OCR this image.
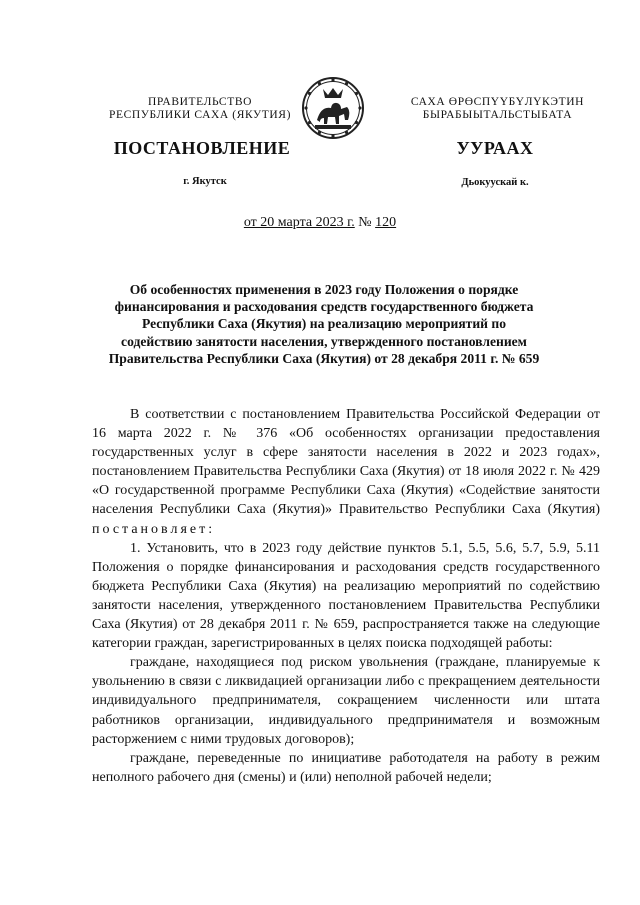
ПРАВИТЕЛЬСТВО
РЕСПУБЛИКИ САХА (ЯКУТИЯ)
САХА ӨРӨСПҮҮБҮЛҮКЭТИН
БЫРАБЫЫТАЛЬСТЫБАТА
ПОСТАНОВЛЕНИЕ	УУРААХ
г. Якутск	Дьокуускай к.
от 20 марта 2023 г. № 120
Об особенностях применения в 2023 году Положения о порядке финансирования и расходования средств государственного бюджета Республики Саха (Якутия) на реализацию мероприятий по содействию занятости населения, утвержденного постановлением Правительства Республики Саха (Якутия) от 28 декабря 2011 г. № 659

В соответствии с постановлением Правительства Российской Федерации от 16 марта 2022 г. № 376 «Об особенностях организации предоставления государственных услуг в сфере занятости населения в 2022 и 2023 годах», постановлением Правительства Республики Саха (Якутия) от 18 июля 2022 г. № 429 «О государственной программе Республики Саха (Якутия) «Содействие занятости населения Республики Саха (Якутия)» Правительство Республики Саха (Якутия) постановляет:

1. Установить, что в 2023 году действие пунктов 5.1, 5.5, 5.6, 5.7, 5.9, 5.11 Положения о порядке финансирования и расходования средств государственного бюджета Республики Саха (Якутия) на реализацию мероприятий по содействию занятости населения, утвержденного постановлением Правительства Республики Саха (Якутия) от 28 декабря 2011 г. № 659, распространяется также на следующие категории граждан, зарегистрированных в целях поиска подходящей работы:

граждане, находящиеся под риском увольнения (граждане, планируемые к увольнению в связи с ликвидацией организации либо с прекращением деятельности индивидуального предпринимателя, сокращением численности или штата работников организации, индивидуального предпринимателя и возможным расторжением с ними трудовых договоров);

граждане, переведенные по инициативе работодателя на работу в режим неполного рабочего дня (смены) и (или) неполной рабочей недели;
